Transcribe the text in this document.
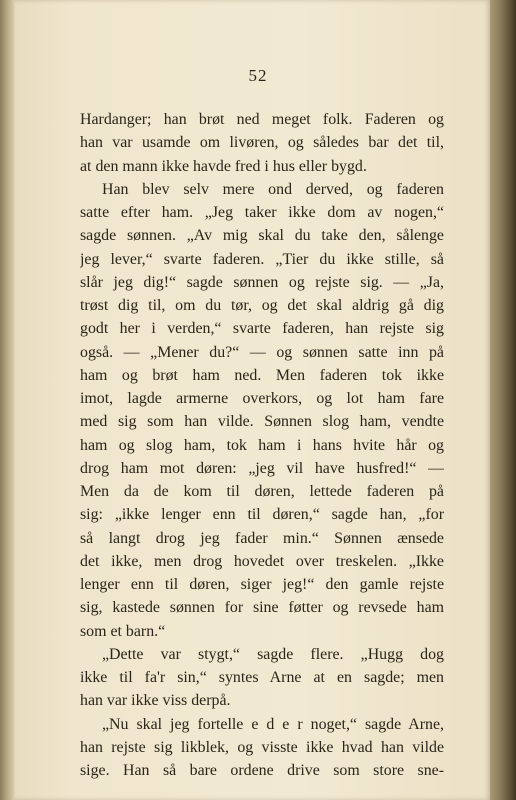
52
Hardanger; han brøt ned meget folk. Faderen og
han var usamde om livøren, og således bar det til,
at den mann ikke havde fred i hus eller bygd.
Han blev selv mere ond derved, og faderen
satte efter ham. „Jeg taker ikke dom av nogen,“
sagde sønnen. „Av mig skal du take den, sålenge
jeg lever,“ svarte faderen. „Tier du ikke stille, så
slår jeg dig!“ sagde sønnen og rejste sig. — „Ja,
trøst dig til, om du tør, og det skal aldrig gå dig
godt her i verden,“ svarte faderen, han rejste sig
også. — „Mener du?“ — og sønnen satte inn på
ham og brøt ham ned. Men faderen tok ikke
imot, lagde armerne overkors, og lot ham fare
med sig som han vilde. Sønnen slog ham, vendte
ham og slog ham, tok ham i hans hvite hår og
drog ham mot døren: „jeg vil have husfred!“ —
Men da de kom til døren, lettede faderen på
sig: „ikke lenger enn til døren,“ sagde han, „for
så langt drog jeg fader min.“ Sønnen ænsede
det ikke, men drog hovedet over treskelen. „Ikke
lenger enn til døren, siger jeg!“ den gamle rejste
sig, kastede sønnen for sine føtter og revsede ham
som et barn.“
„Dette var stygt,“ sagde flere. „Hugg dog
ikke til fa'r sin,“ syntes Arne at en sagde; men
han var ikke viss derpå.
„Nu skal jeg fortelle e d e r noget,“ sagde Arne,
han rejste sig likblek, og visste ikke hvad han vilde
sige. Han så bare ordene drive som store sne-
